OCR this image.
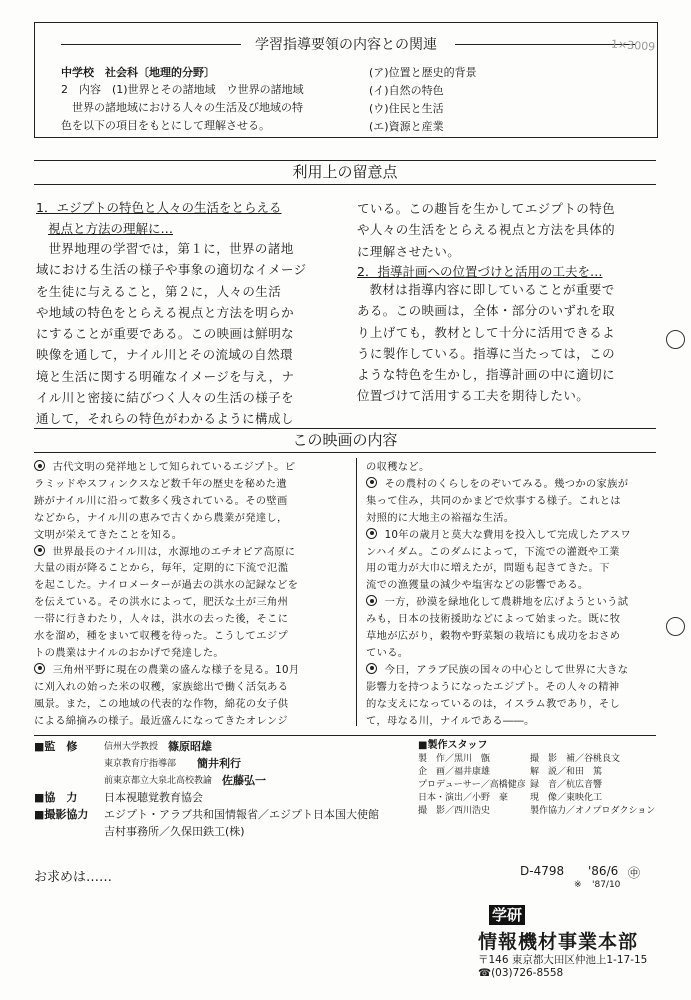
学習指導要領の内容との関連	1×3009
中学校　社会科〔地理的分野〕
2　内容　(1)世界とその諸地域　ウ世界の諸地域
　世界の諸地域における人々の生活及び地域の特
色を以下の項目をもとにして理解させる。
(ア)位置と歴史的背景
(イ)自然の特色
(ウ)住民と生活
(エ)資源と産業
利用上の留意点
1．エジプトの特色と人々の生活をとらえる
視点と方法の理解に…
世界地理の学習では，第１に，世界の諸地
域における生活の様子や事象の適切なイメージ
を生徒に与えること，第２に，人々の生活
や地域の特色をとらえる視点と方法を明らか
にすることが重要である。この映画は鮮明な
映像を通して，ナイル川とその流域の自然環
境と生活に関する明確なイメージを与え，ナ
イル川と密接に結びつく人々の生活の様子を
通して，それらの特色がわかるように構成し
ている。この趣旨を生かしてエジプトの特色
や人々の生活をとらえる視点と方法を具体的
に理解させたい。
2．指導計画への位置づけと活用の工夫を…
教材は指導内容に即していることが重要で
ある。この映画は，全体・部分のいずれを取
り上げても，教材として十分に活用できるよ
うに製作している。指導に当たっては，この
ような特色を生かし，指導計画の中に適切に
位置づけて活用する工夫を期待したい。
この映画の内容
古代文明の発祥地として知られているエジプト。ピ
ラミッドやスフィンクスなど数千年の歴史を秘めた遺
跡がナイル川に沿って数多く残されている。その壁画
などから，ナイル川の恵みで古くから農業が発達し，
文明が栄えてきたことを知る。
世界最長のナイル川は，水源地のエチオピア高原に
大量の雨が降ることから，毎年，定期的に下流で氾濫
を起こした。ナイロメーターが過去の洪水の記録などを
を伝えている。その洪水によって，肥沃な土が三角州
一帯に行きわたり，人々は，洪水の去った後，そこに
水を溜め，種をまいて収穫を待った。こうしてエジプ
トの農業はナイルのおかげで発達した。
三角州平野に現在の農業の盛んな様子を見る。10月
に刈入れの始った米の収穫，家族総出で働く活気ある
風景。また，この地域の代表的な作物，綿花の女子供
による綿摘みの様子。最近盛んになってきたオレンジ
の収穫など。
その農村のくらしをのぞいてみる。幾つかの家族が
集って住み，共同のかまどで炊事する様子。これとは
対照的に大地主の裕福な生活。
10年の歳月と莫大な費用を投入して完成したアスワ
ンハイダム。このダムによって，下流での灌漑や工業
用の電力が大巾に増えたが，問題も起きてきた。下
流での漁獲量の減少や塩害などの影響である。
一方，砂漠を緑地化して農耕地を広げようという試
みも，日本の技術援助などによって始まった。既に牧
草地が広がり，穀物や野菜類の栽培にも成功をおさめ
ている。
今日，アラブ民族の国々の中心として世界に大きな
影響力を持つようになったエジプト。その人々の精神
的な支えになっているのは，イスラム教であり，そし
て，母なる川，ナイルである――。
■監　修	信州大学教授 篠原昭雄
東京教育庁指導部 簡井利行
前東京都立大泉北高校教諭 佐藤弘一
■協　力 日本視聴覚教育協会
■撮影協力 エジプト・アラブ共和国情報省／エジプト日本国大使館
吉村事務所／久保田鉄工(株)
■製作スタッフ
製　作／黒川　甑	撮　影　補／谷桃良文
企　画／福井康雄	解　説／和田　篤
プロデューサー／高橋健彦 録　音／杭広音響
日本・演出／小野　豪 現　像／東映化工
撮　影／西川浩史	製作協力／オノプロダクション
お求めは……	D-4798 '86/6 ㊥
※ '87/10
学研
情報機材事業本部
〒146 東京都大田区仲池上1-17-15
☎(03)726-8558
